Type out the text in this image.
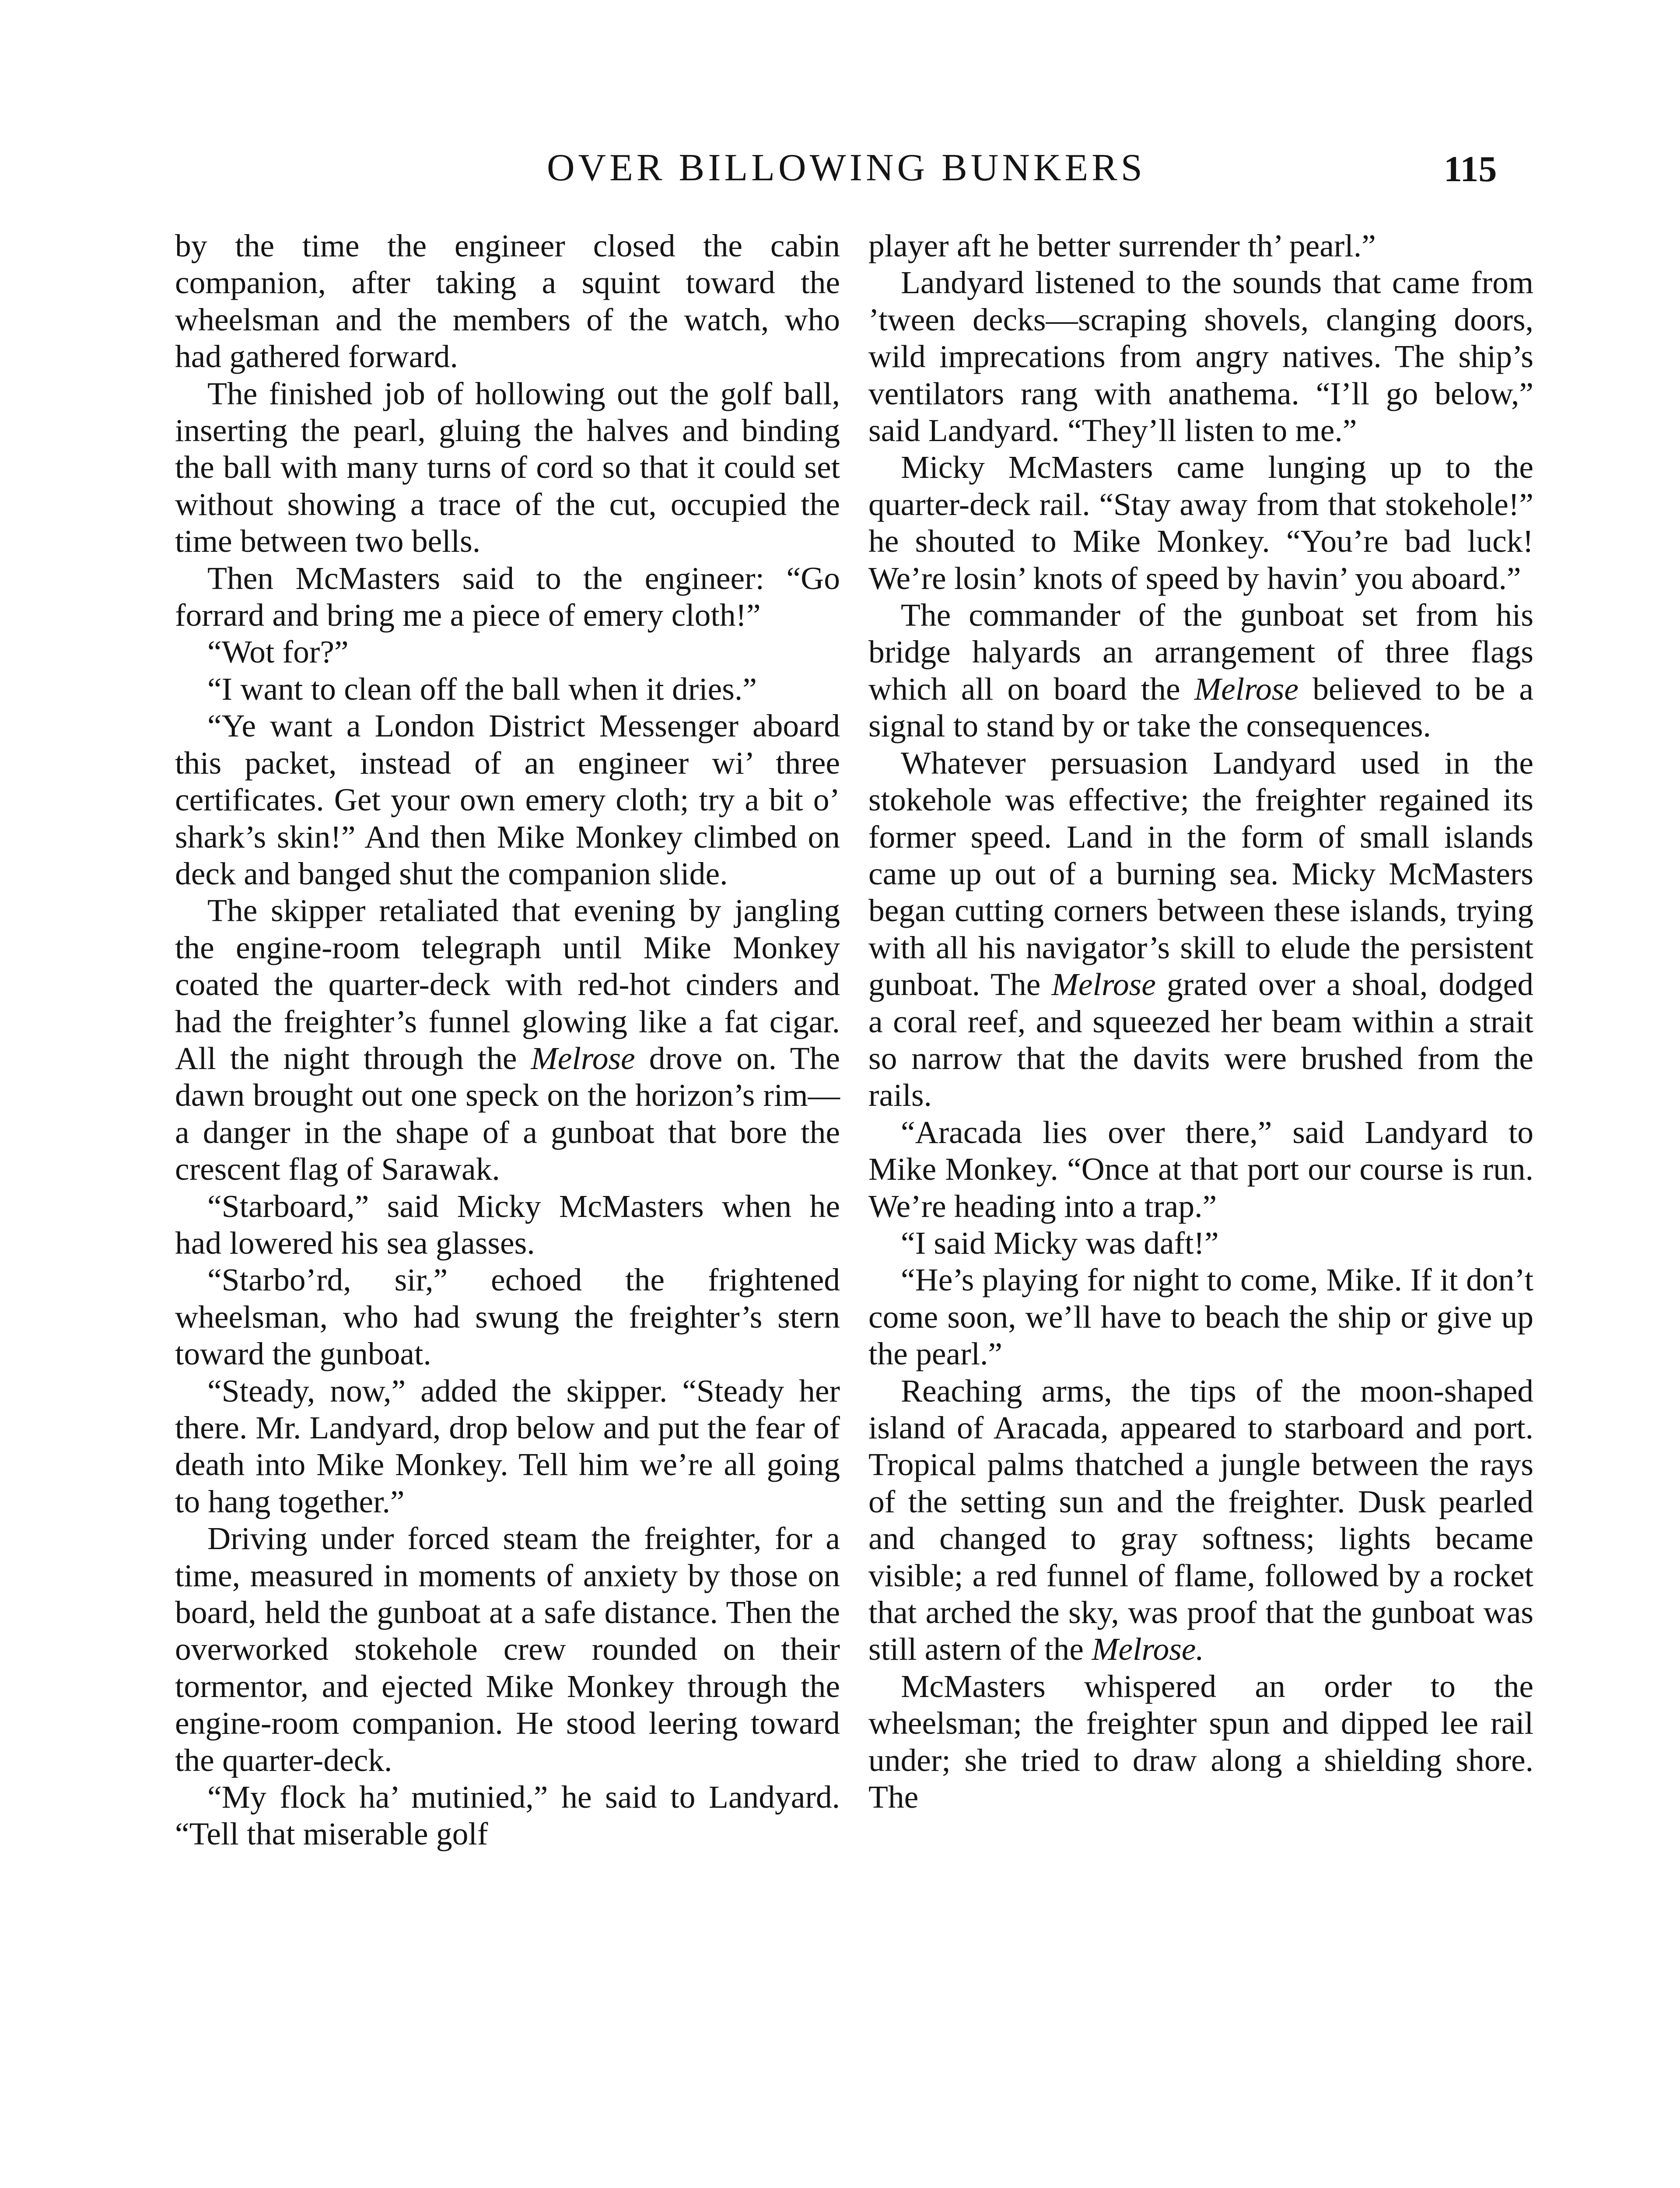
OVER BILLOWING BUNKERS	115

by the time the engineer closed the cabin companion, after taking a squint toward the wheelsman and the members of the watch, who had gathered forward.

The finished job of hollowing out the golf ball, inserting the pearl, gluing the halves and binding the ball with many turns of cord so that it could set without showing a trace of the cut, occupied the time between two bells.

Then McMasters said to the engineer: “Go forrard and bring me a piece of emery cloth!”

“Wot for?”

“I want to clean off the ball when it dries.”

“Ye want a London District Messenger aboard this packet, instead of an engineer wi’ three certificates. Get your own emery cloth; try a bit o’ shark’s skin!” And then Mike Monkey climbed on deck and banged shut the companion slide.

The skipper retaliated that evening by jangling the engine-room telegraph until Mike Monkey coated the quarter-deck with red-hot cinders and had the freighter’s funnel glowing like a fat cigar. All the night through the Melrose drove on. The dawn brought out one speck on the horizon’s rim—a danger in the shape of a gunboat that bore the crescent flag of Sarawak.

“Starboard,” said Micky McMasters when he had lowered his sea glasses.

“Starbo’rd, sir,” echoed the frightened wheelsman, who had swung the freighter’s stern toward the gunboat.

“Steady, now,” added the skipper. “Steady her there. Mr. Landyard, drop below and put the fear of death into Mike Monkey. Tell him we’re all going to hang together.”

Driving under forced steam the freighter, for a time, measured in moments of anxiety by those on board, held the gunboat at a safe distance. Then the overworked stokehole crew rounded on their tormentor, and ejected Mike Monkey through the engine-room companion. He stood leering toward the quarter-deck.

“My flock ha’ mutinied,” he said to Landyard. “Tell that miserable golf

player aft he better surrender th’ pearl.”

Landyard listened to the sounds that came from ’tween decks—scraping shovels, clanging doors, wild imprecations from angry natives. The ship’s ventilators rang with anathema. “I’ll go below,” said Landyard. “They’ll listen to me.”

Micky McMasters came lunging up to the quarter-deck rail. “Stay away from that stokehole!” he shouted to Mike Monkey. “You’re bad luck! We’re losin’ knots of speed by havin’ you aboard.”

The commander of the gunboat set from his bridge halyards an arrangement of three flags which all on board the Melrose believed to be a signal to stand by or take the consequences.

Whatever persuasion Landyard used in the stokehole was effective; the freighter regained its former speed. Land in the form of small islands came up out of a burning sea. Micky McMasters began cutting corners between these islands, trying with all his navigator’s skill to elude the persistent gunboat. The Melrose grated over a shoal, dodged a coral reef, and squeezed her beam within a strait so narrow that the davits were brushed from the rails.

“Aracada lies over there,” said Landyard to Mike Monkey. “Once at that port our course is run. We’re heading into a trap.”

“I said Micky was daft!”

“He’s playing for night to come, Mike. If it don’t come soon, we’ll have to beach the ship or give up the pearl.”

Reaching arms, the tips of the moon-shaped island of Aracada, appeared to starboard and port. Tropical palms thatched a jungle between the rays of the setting sun and the freighter. Dusk pearled and changed to gray softness; lights became visible; a red funnel of flame, followed by a rocket that arched the sky, was proof that the gunboat was still astern of the Melrose.

McMasters whispered an order to the wheelsman; the freighter spun and dipped lee rail under; she tried to draw along a shielding shore. The
